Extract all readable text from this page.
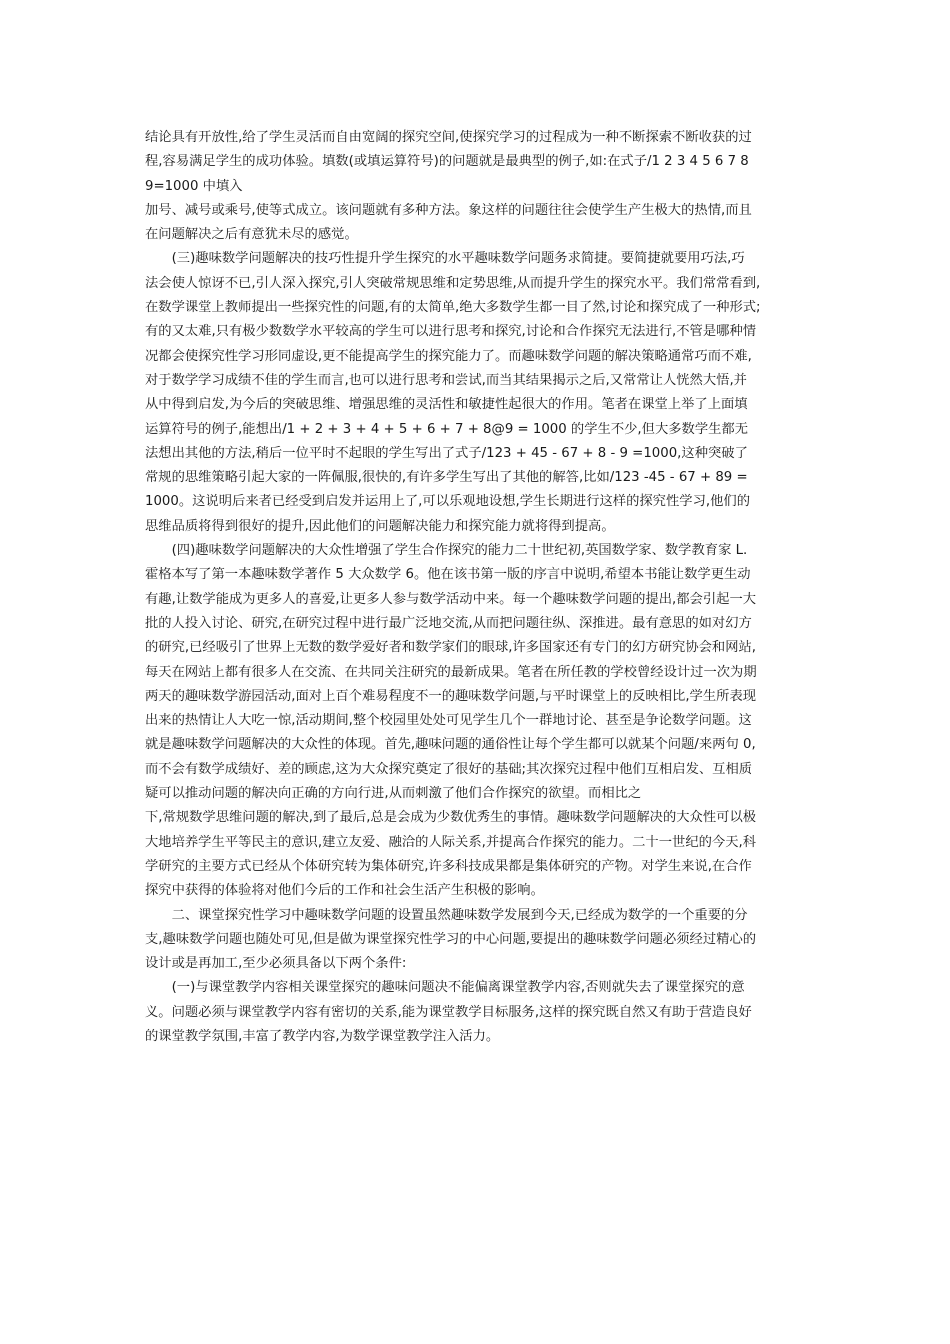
结论具有开放性,给了学生灵活而自由宽阔的探究空间,使探究学习的过程成为一种不断探索不断收获的过
程,容易满足学生的成功体验。填数(或填运算符号)的问题就是最典型的例子,如:在式子/1 2 3 4 5 6 7 8
9=1000 中填入
加号、减号或乘号,使等式成立。该问题就有多种方法。象这样的问题往往会使学生产生极大的热情,而且
在问题解决之后有意犹未尽的感觉。
　　(三)趣味数学问题解决的技巧性提升学生探究的水平趣味数学问题务求简捷。要简捷就要用巧法,巧
法会使人惊讶不已,引人深入探究,引人突破常规思维和定势思维,从而提升学生的探究水平。我们常常看到,
在数学课堂上教师提出一些探究性的问题,有的太简单,绝大多数学生都一目了然,讨论和探究成了一种形式;
有的又太难,只有极少数数学水平较高的学生可以进行思考和探究,讨论和合作探究无法进行,不管是哪种情
况都会使探究性学习形同虚设,更不能提高学生的探究能力了。而趣味数学问题的解决策略通常巧而不难,
对于数学学习成绩不佳的学生而言,也可以进行思考和尝试,而当其结果揭示之后,又常常让人恍然大悟,并
从中得到启发,为今后的突破思维、增强思维的灵活性和敏捷性起很大的作用。笔者在课堂上举了上面填
运算符号的例子,能想出/1 + 2 + 3 + 4 + 5 + 6 + 7 + 8@9 = 1000 的学生不少,但大多数学生都无
法想出其他的方法,稍后一位平时不起眼的学生写出了式子/123 + 45 - 67 + 8 - 9 =1000,这种突破了
常规的思维策略引起大家的一阵佩服,很快的,有许多学生写出了其他的解答,比如/123 -45 - 67 + 89 =
1000。这说明后来者已经受到启发并运用上了,可以乐观地设想,学生长期进行这样的探究性学习,他们的
思维品质将得到很好的提升,因此他们的问题解决能力和探究能力就将得到提高。
　　(四)趣味数学问题解决的大众性增强了学生合作探究的能力二十世纪初,英国数学家、数学教育家 L.
霍格本写了第一本趣味数学著作 5 大众数学 6。他在该书第一版的序言中说明,希望本书能让数学更生动
有趣,让数学能成为更多人的喜爱,让更多人参与数学活动中来。每一个趣味数学问题的提出,都会引起一大
批的人投入讨论、研究,在研究过程中进行最广泛地交流,从而把问题往纵、深推进。最有意思的如对幻方
的研究,已经吸引了世界上无数的数学爱好者和数学家们的眼球,许多国家还有专门的幻方研究协会和网站,
每天在网站上都有很多人在交流、在共同关注研究的最新成果。笔者在所任教的学校曾经设计过一次为期
两天的趣味数学游园活动,面对上百个难易程度不一的趣味数学问题,与平时课堂上的反映相比,学生所表现
出来的热情让人大吃一惊,活动期间,整个校园里处处可见学生几个一群地讨论、甚至是争论数学问题。这
就是趣味数学问题解决的大众性的体现。首先,趣味问题的通俗性让每个学生都可以就某个问题/来两句 0,
而不会有数学成绩好、差的顾虑,这为大众探究奠定了很好的基础;其次探究过程中他们互相启发、互相质
疑可以推动问题的解决向正确的方向行进,从而刺激了他们合作探究的欲望。而相比之
下,常规数学思维问题的解决,到了最后,总是会成为少数优秀生的事情。趣味数学问题解决的大众性可以极
大地培养学生平等民主的意识,建立友爱、融洽的人际关系,并提高合作探究的能力。二十一世纪的今天,科
学研究的主要方式已经从个体研究转为集体研究,许多科技成果都是集体研究的产物。对学生来说,在合作
探究中获得的体验将对他们今后的工作和社会生活产生积极的影响。
　　二、课堂探究性学习中趣味数学问题的设置虽然趣味数学发展到今天,已经成为数学的一个重要的分
支,趣味数学问题也随处可见,但是做为课堂探究性学习的中心问题,要提出的趣味数学问题必须经过精心的
设计或是再加工,至少必须具备以下两个条件:
　　(一)与课堂教学内容相关课堂探究的趣味问题决不能偏离课堂教学内容,否则就失去了课堂探究的意
义。问题必须与课堂教学内容有密切的关系,能为课堂教学目标服务,这样的探究既自然又有助于营造良好
的课堂教学氛围,丰富了教学内容,为数学课堂教学注入活力。
